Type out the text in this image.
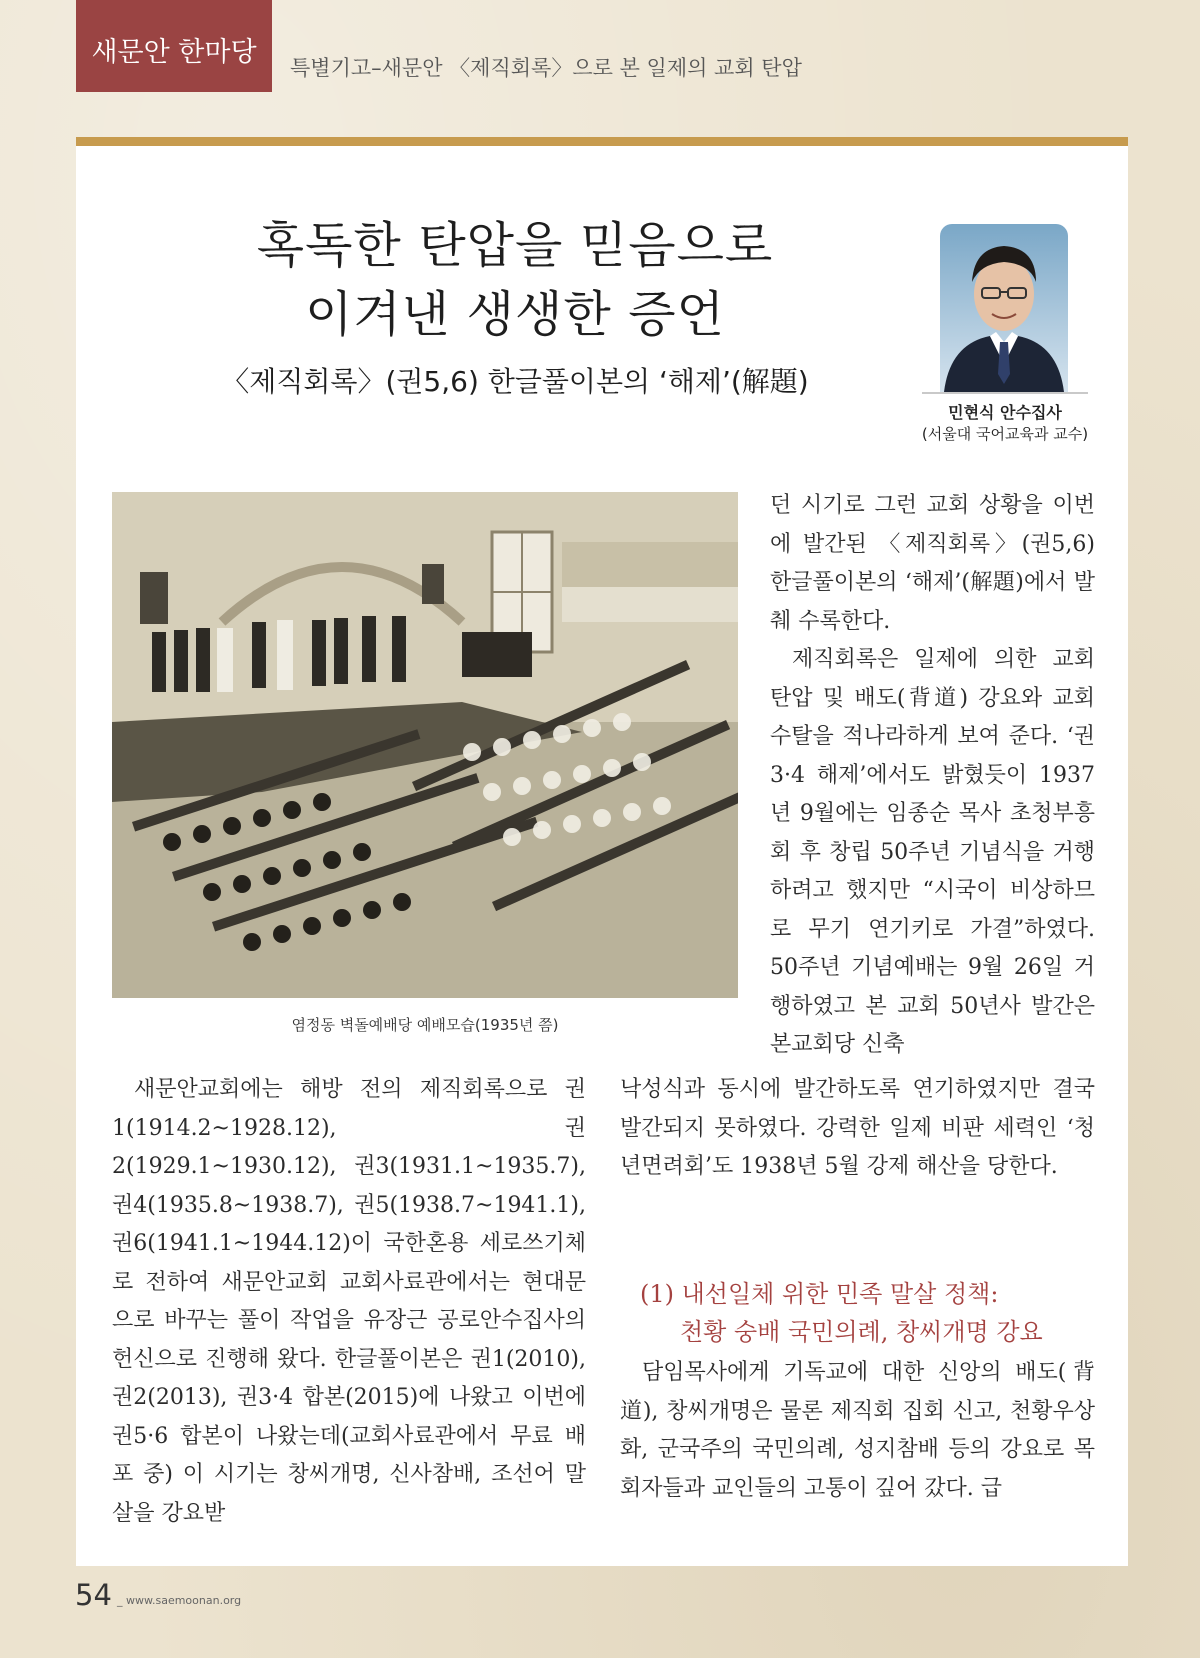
새문안 한마당
특별기고–새문안 〈제직회록〉으로 본 일제의 교회 탄압
혹독한 탄압을 믿음으로
이겨낸 생생한 증언
〈제직회록〉(권5,6) 한글풀이본의 ‘해제’(解題)
민현식 안수집사
(서울대 국어교육과 교수)
염정동 벽돌예배당 예배모습(1935년 쯤)

던 시기로 그런 교회 상황을 이번에 발간된 〈제직회록〉(권5,6) 한글풀이본의 ‘해제’(解題)에서 발췌 수록한다.

제직회록은 일제에 의한 교회 탄압 및 배도(背道) 강요와 교회 수탈을 적나라하게 보여 준다. ‘권3·4 해제’에서도 밝혔듯이 1937년 9월에는 임종순 목사 초청부흥회 후 창립 50주년 기념식을 거행하려고 했지만 “시국이 비상하므로 무기 연기키로 가결”하였다. 50주년 기념예배는 9월 26일 거행하였고 본 교회 50년사 발간은 본교회당 신축

새문안교회에는 해방 전의 제직회록으로 권1(1914.2~1928.12), 권2(1929.1~1930.12), 권3(1931.1~1935.7), 권4(1935.8~1938.7), 권5(1938.7~1941.1), 권6(1941.1~1944.12)이 국한혼용 세로쓰기체로 전하여 새문안교회 교회사료관에서는 현대문으로 바꾸는 풀이 작업을 유장근 공로안수집사의 헌신으로 진행해 왔다. 한글풀이본은 권1(2010), 권2(2013), 권3·4 합본(2015)에 나왔고 이번에 권5·6 합본이 나왔는데(교회사료관에서 무료 배포 중) 이 시기는 창씨개명, 신사참배, 조선어 말살을 강요받

낙성식과 동시에 발간하도록 연기하였지만 결국 발간되지 못하였다. 강력한 일제 비판 세력인 ‘청년면려회’도 1938년 5월 강제 해산을 당한다.

(1) 내선일체 위한 민족 말살 정책:
천황 숭배 국민의례, 창씨개명 강요

담임목사에게 기독교에 대한 신앙의 배도(背道), 창씨개명은 물론 제직회 집회 신고, 천황우상화, 군국주의 국민의례, 성지참배 등의 강요로 목회자들과 교인들의 고통이 깊어 갔다. 급

54 _ www.saemoonan.org
